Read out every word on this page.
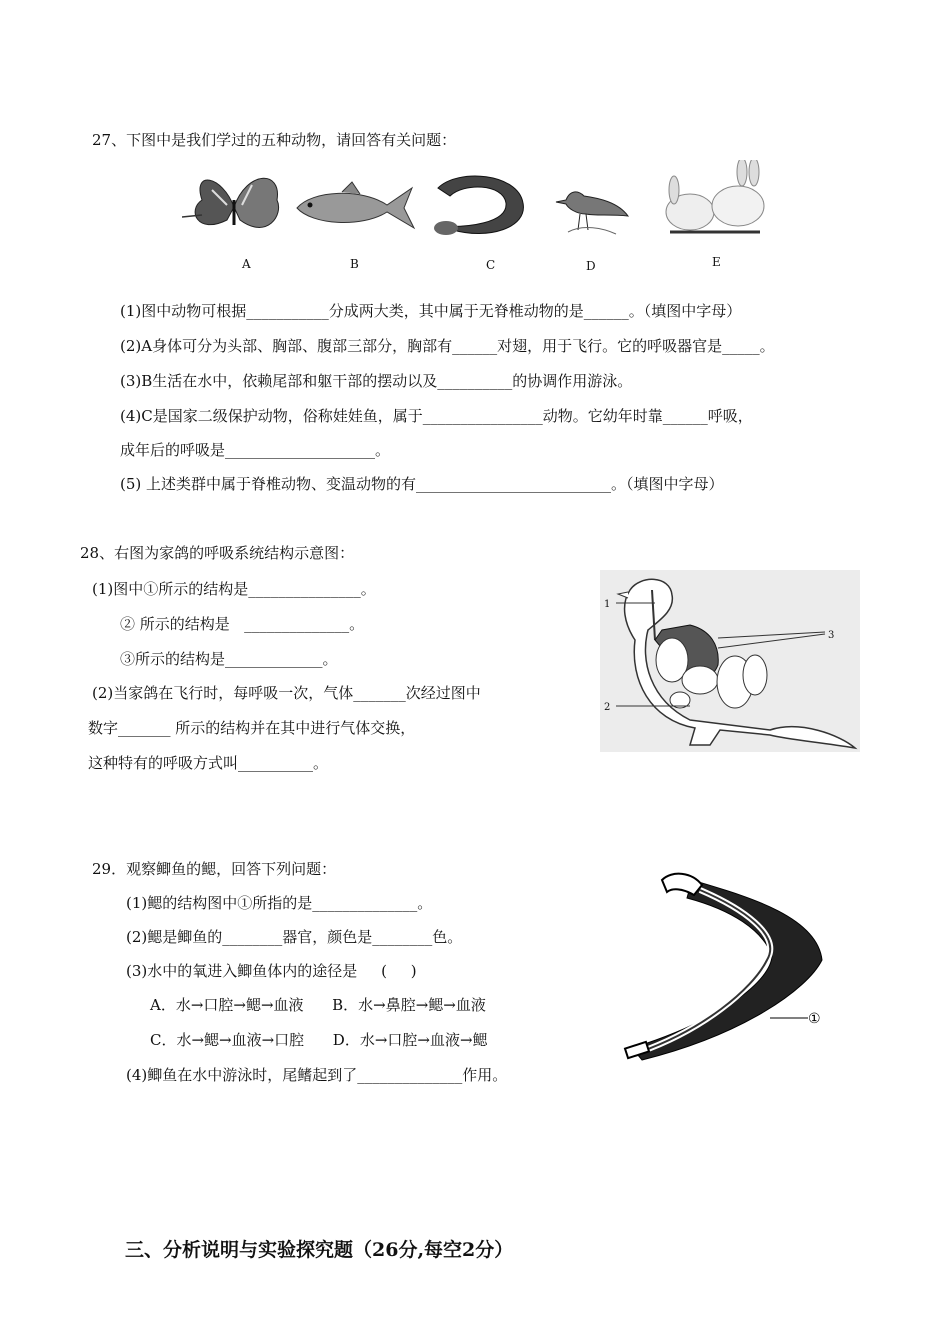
27、下图中是我们学过的五种动物，请回答有关问题：
A	B	C	D	E
(1)图中动物可根据___________分成两大类，其中属于无脊椎动物的是______。（填图中字母）
(2)A身体可分为头部、胸部、腹部三部分，胸部有______对翅，用于飞行。它的呼吸器官是_____。
(3)B生活在水中，依赖尾部和躯干部的摆动以及__________的协调作用游泳。
(4)C是国家二级保护动物，俗称娃娃鱼，属于________________动物。它幼年时靠______呼吸，
成年后的呼吸是____________________。
(5) 上述类群中属于脊椎动物、变温动物的有__________________________。（填图中字母）
28、右图为家鸽的呼吸系统结构示意图：
(1)图中①所示的结构是_______________。
② 所示的结构是   ______________。
③所示的结构是_____________。
(2)当家鸽在飞行时，每呼吸一次，气体_______次经过图中
数字_______ 所示的结构并在其中进行气体交换，
这种特有的呼吸方式叫__________。
1
2
3
29．观察鲫鱼的鳃，回答下列问题：
(1)鳃的结构图中①所指的是______________。
(2)鳃是鲫鱼的________器官，颜色是________色。
(3)水中的氧进入鲫鱼体内的途径是     (     )
A．水→口腔→鳃→血液      B．水→鼻腔→鳃→血液
C．水→鳃→血液→口腔      D．水→口腔→血液→鳃
(4)鲫鱼在水中游泳时，尾鳍起到了______________作用。
①
三、分析说明与实验探究题（26分,每空2分）
